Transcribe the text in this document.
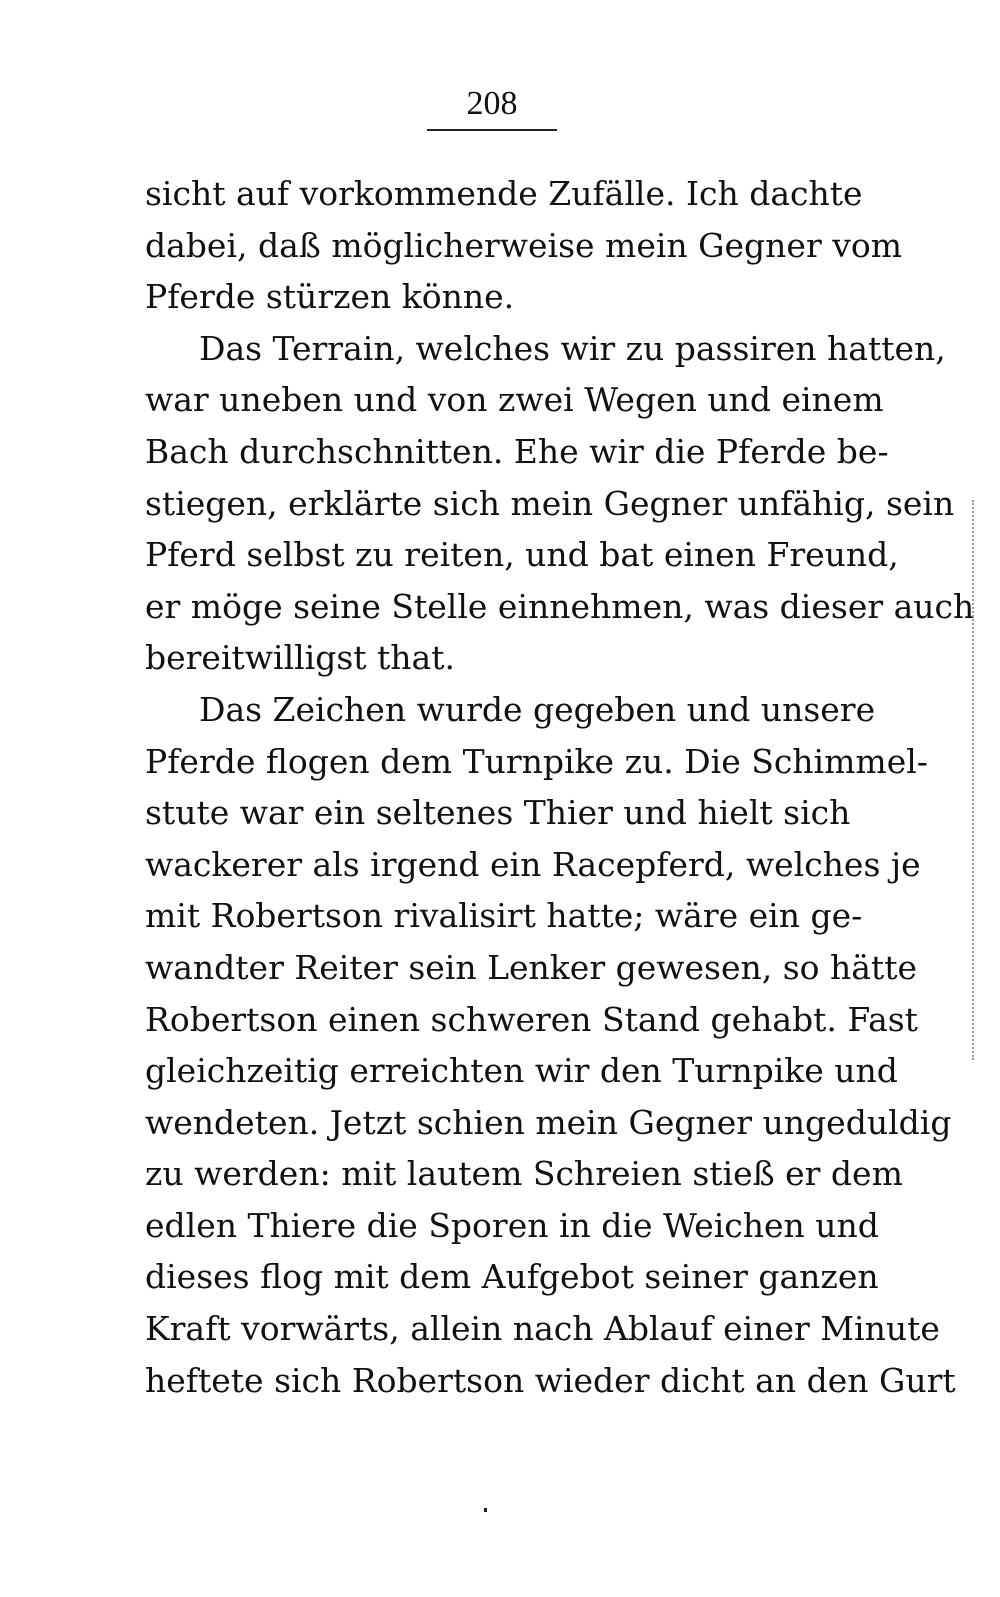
208
sicht auf vorkommende Zufälle. Ich dachte
dabei, daß möglicherweise mein Gegner vom
Pferde stürzen könne.
Das Terrain, welches wir zu passiren hatten,
war uneben und von zwei Wegen und einem
Bach durchschnitten. Ehe wir die Pferde be-
stiegen, erklärte sich mein Gegner unfähig, sein
Pferd selbst zu reiten, und bat einen Freund,
er möge seine Stelle einnehmen, was dieser auch
bereitwilligst that.
Das Zeichen wurde gegeben und unsere
Pferde flogen dem Turnpike zu. Die Schimmel-
stute war ein seltenes Thier und hielt sich
wackerer als irgend ein Racepferd, welches je
mit Robertson rivalisirt hatte; wäre ein ge-
wandter Reiter sein Lenker gewesen, so hätte
Robertson einen schweren Stand gehabt. Fast
gleichzeitig erreichten wir den Turnpike und
wendeten. Jetzt schien mein Gegner ungeduldig
zu werden: mit lautem Schreien stieß er dem
edlen Thiere die Sporen in die Weichen und
dieses flog mit dem Aufgebot seiner ganzen
Kraft vorwärts, allein nach Ablauf einer Minute
heftete sich Robertson wieder dicht an den Gurt
